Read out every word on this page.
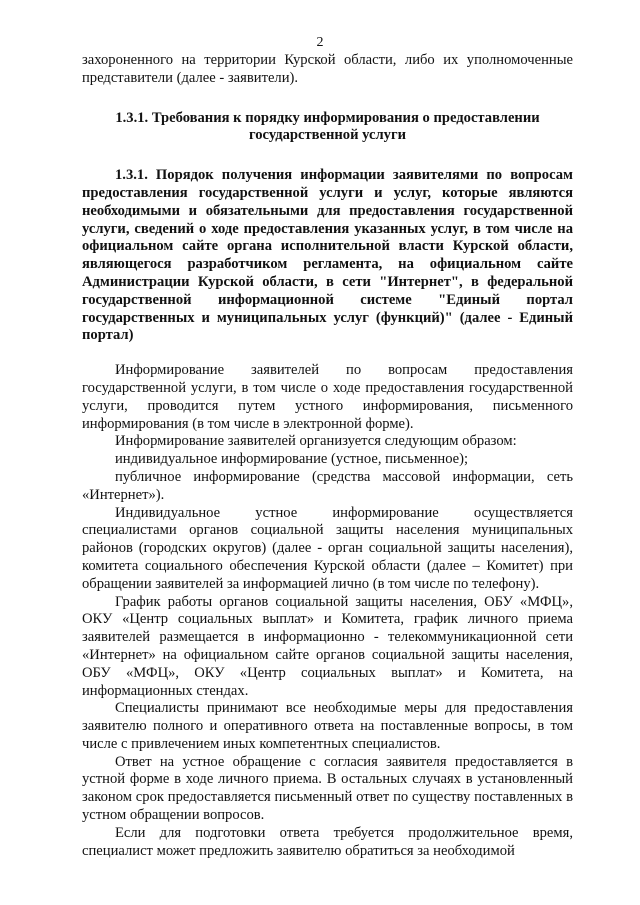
2

захороненного на территории Курской области, либо их уполномоченные представители (далее - заявители).

1.3.1. Требования к порядку информирования о предоставлении государственной услуги

1.3.1. Порядок получения информации заявителями по вопросам предоставления государственной услуги и услуг, которые являются необходимыми и обязательными для предоставления государственной услуги, сведений о ходе предоставления указанных услуг, в том числе на официальном сайте органа исполнительной власти Курской области, являющегося разработчиком регламента, на официальном сайте Администрации Курской области, в сети "Интернет", в федеральной государственной информационной системе "Единый портал государственных и муниципальных услуг (функций)" (далее - Единый портал)

Информирование заявителей по вопросам предоставления государственной услуги, в том числе о ходе предоставления государственной услуги, проводится путем устного информирования, письменного информирования (в том числе в электронной форме).

Информирование заявителей организуется следующим образом:

индивидуальное информирование (устное, письменное);

публичное информирование (средства массовой информации, сеть «Интернет»).

Индивидуальное устное информирование осуществляется специалистами органов социальной защиты населения муниципальных районов (городских округов) (далее - орган социальной защиты населения), комитета социального обеспечения Курской области (далее – Комитет) при обращении заявителей за информацией лично (в том числе по телефону).

График работы органов социальной защиты населения, ОБУ «МФЦ», ОКУ «Центр социальных выплат» и Комитета, график личного приема заявителей размещается в информационно - телекоммуникационной сети «Интернет» на официальном сайте органов социальной защиты населения, ОБУ «МФЦ», ОКУ «Центр социальных выплат» и Комитета, на информационных стендах.

Специалисты принимают все необходимые меры для предоставления заявителю полного и оперативного ответа на поставленные вопросы, в том числе с привлечением иных компетентных специалистов.

Ответ на устное обращение с согласия заявителя предоставляется в устной форме в ходе личного приема. В остальных случаях в установленный законом срок предоставляется письменный ответ по существу поставленных в устном обращении вопросов.

Если для подготовки ответа требуется продолжительное время, специалист может предложить заявителю обратиться за необходимой
